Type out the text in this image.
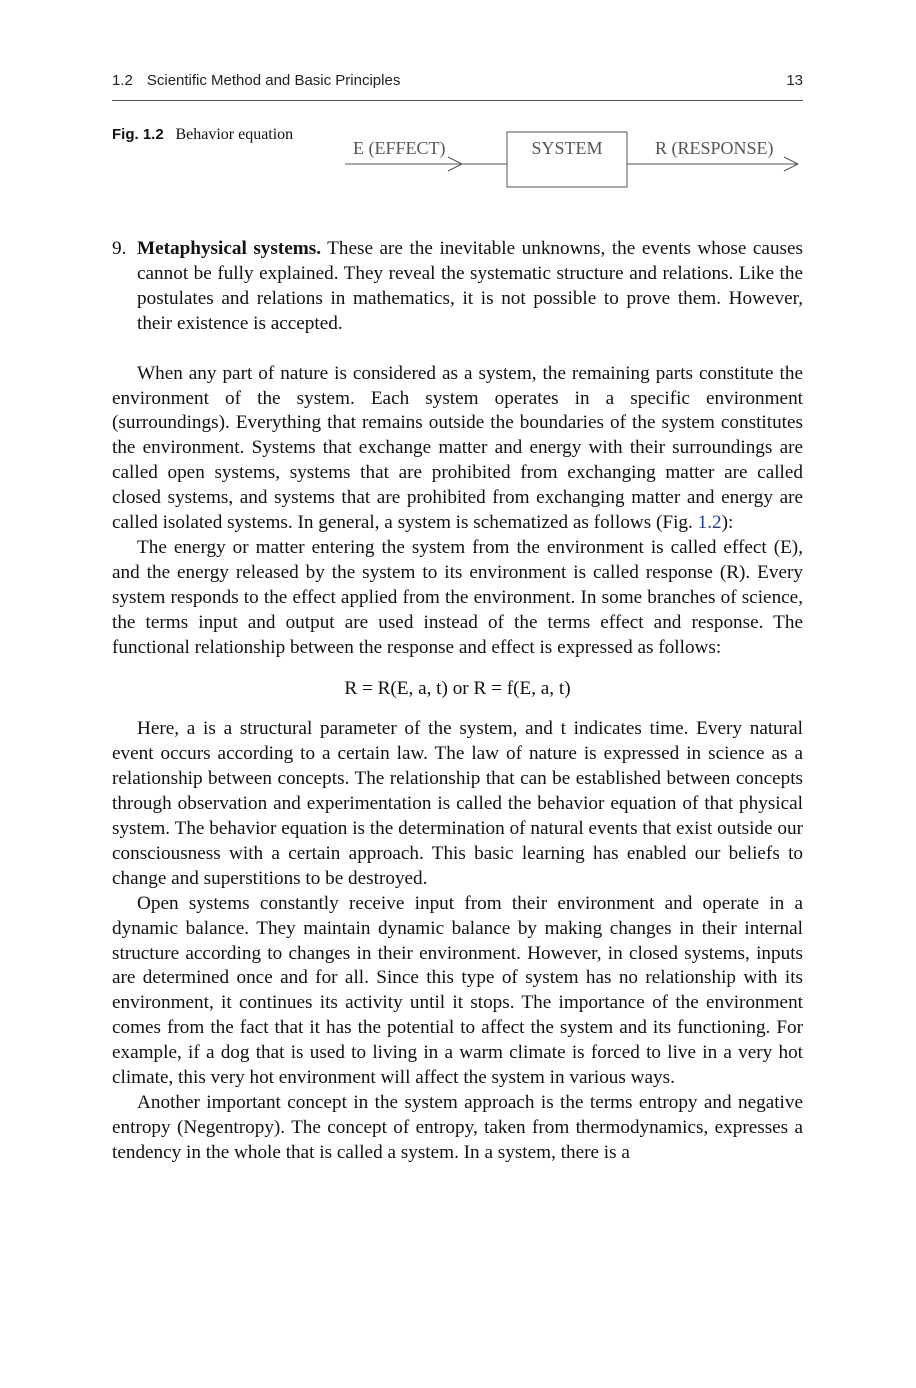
1.2 Scientific Method and Basic Principles	13
Fig. 1.2 Behavior equation
E (EFFECT)	SYSTEM	R (RESPONSE)

9. Metaphysical systems. These are the inevitable unknowns, the events whose causes cannot be fully explained. They reveal the systematic structure and relations. Like the postulates and relations in mathematics, it is not possible to prove them. However, their existence is accepted.

When any part of nature is considered as a system, the remaining parts constitute the environment of the system. Each system operates in a specific environment (surroundings). Everything that remains outside the boundaries of the system constitutes the environment. Systems that exchange matter and energy with their surroundings are called open systems, systems that are prohibited from exchanging matter are called closed systems, and systems that are prohibited from exchanging matter and energy are called isolated systems. In general, a system is schematized as follows (Fig. 1.2):

The energy or matter entering the system from the environment is called effect (E), and the energy released by the system to its environment is called response (R). Every system responds to the effect applied from the environment. In some branches of science, the terms input and output are used instead of the terms effect and response. The functional relationship between the response and effect is expressed as follows:

R = R(E, a, t) or R = f(E, a, t)

Here, a is a structural parameter of the system, and t indicates time. Every natural event occurs according to a certain law. The law of nature is expressed in science as a relationship between concepts. The relationship that can be established between concepts through observation and experimentation is called the behavior equation of that physical system. The behavior equation is the determination of natural events that exist outside our consciousness with a certain approach. This basic learning has enabled our beliefs to change and superstitions to be destroyed.

Open systems constantly receive input from their environment and operate in a dynamic balance. They maintain dynamic balance by making changes in their internal structure according to changes in their environment. However, in closed systems, inputs are determined once and for all. Since this type of system has no relationship with its environment, it continues its activity until it stops. The importance of the environment comes from the fact that it has the potential to affect the system and its functioning. For example, if a dog that is used to living in a warm climate is forced to live in a very hot climate, this very hot environment will affect the system in various ways.

Another important concept in the system approach is the terms entropy and negative entropy (Negentropy). The concept of entropy, taken from thermodynamics, expresses a tendency in the whole that is called a system. In a system, there is a
